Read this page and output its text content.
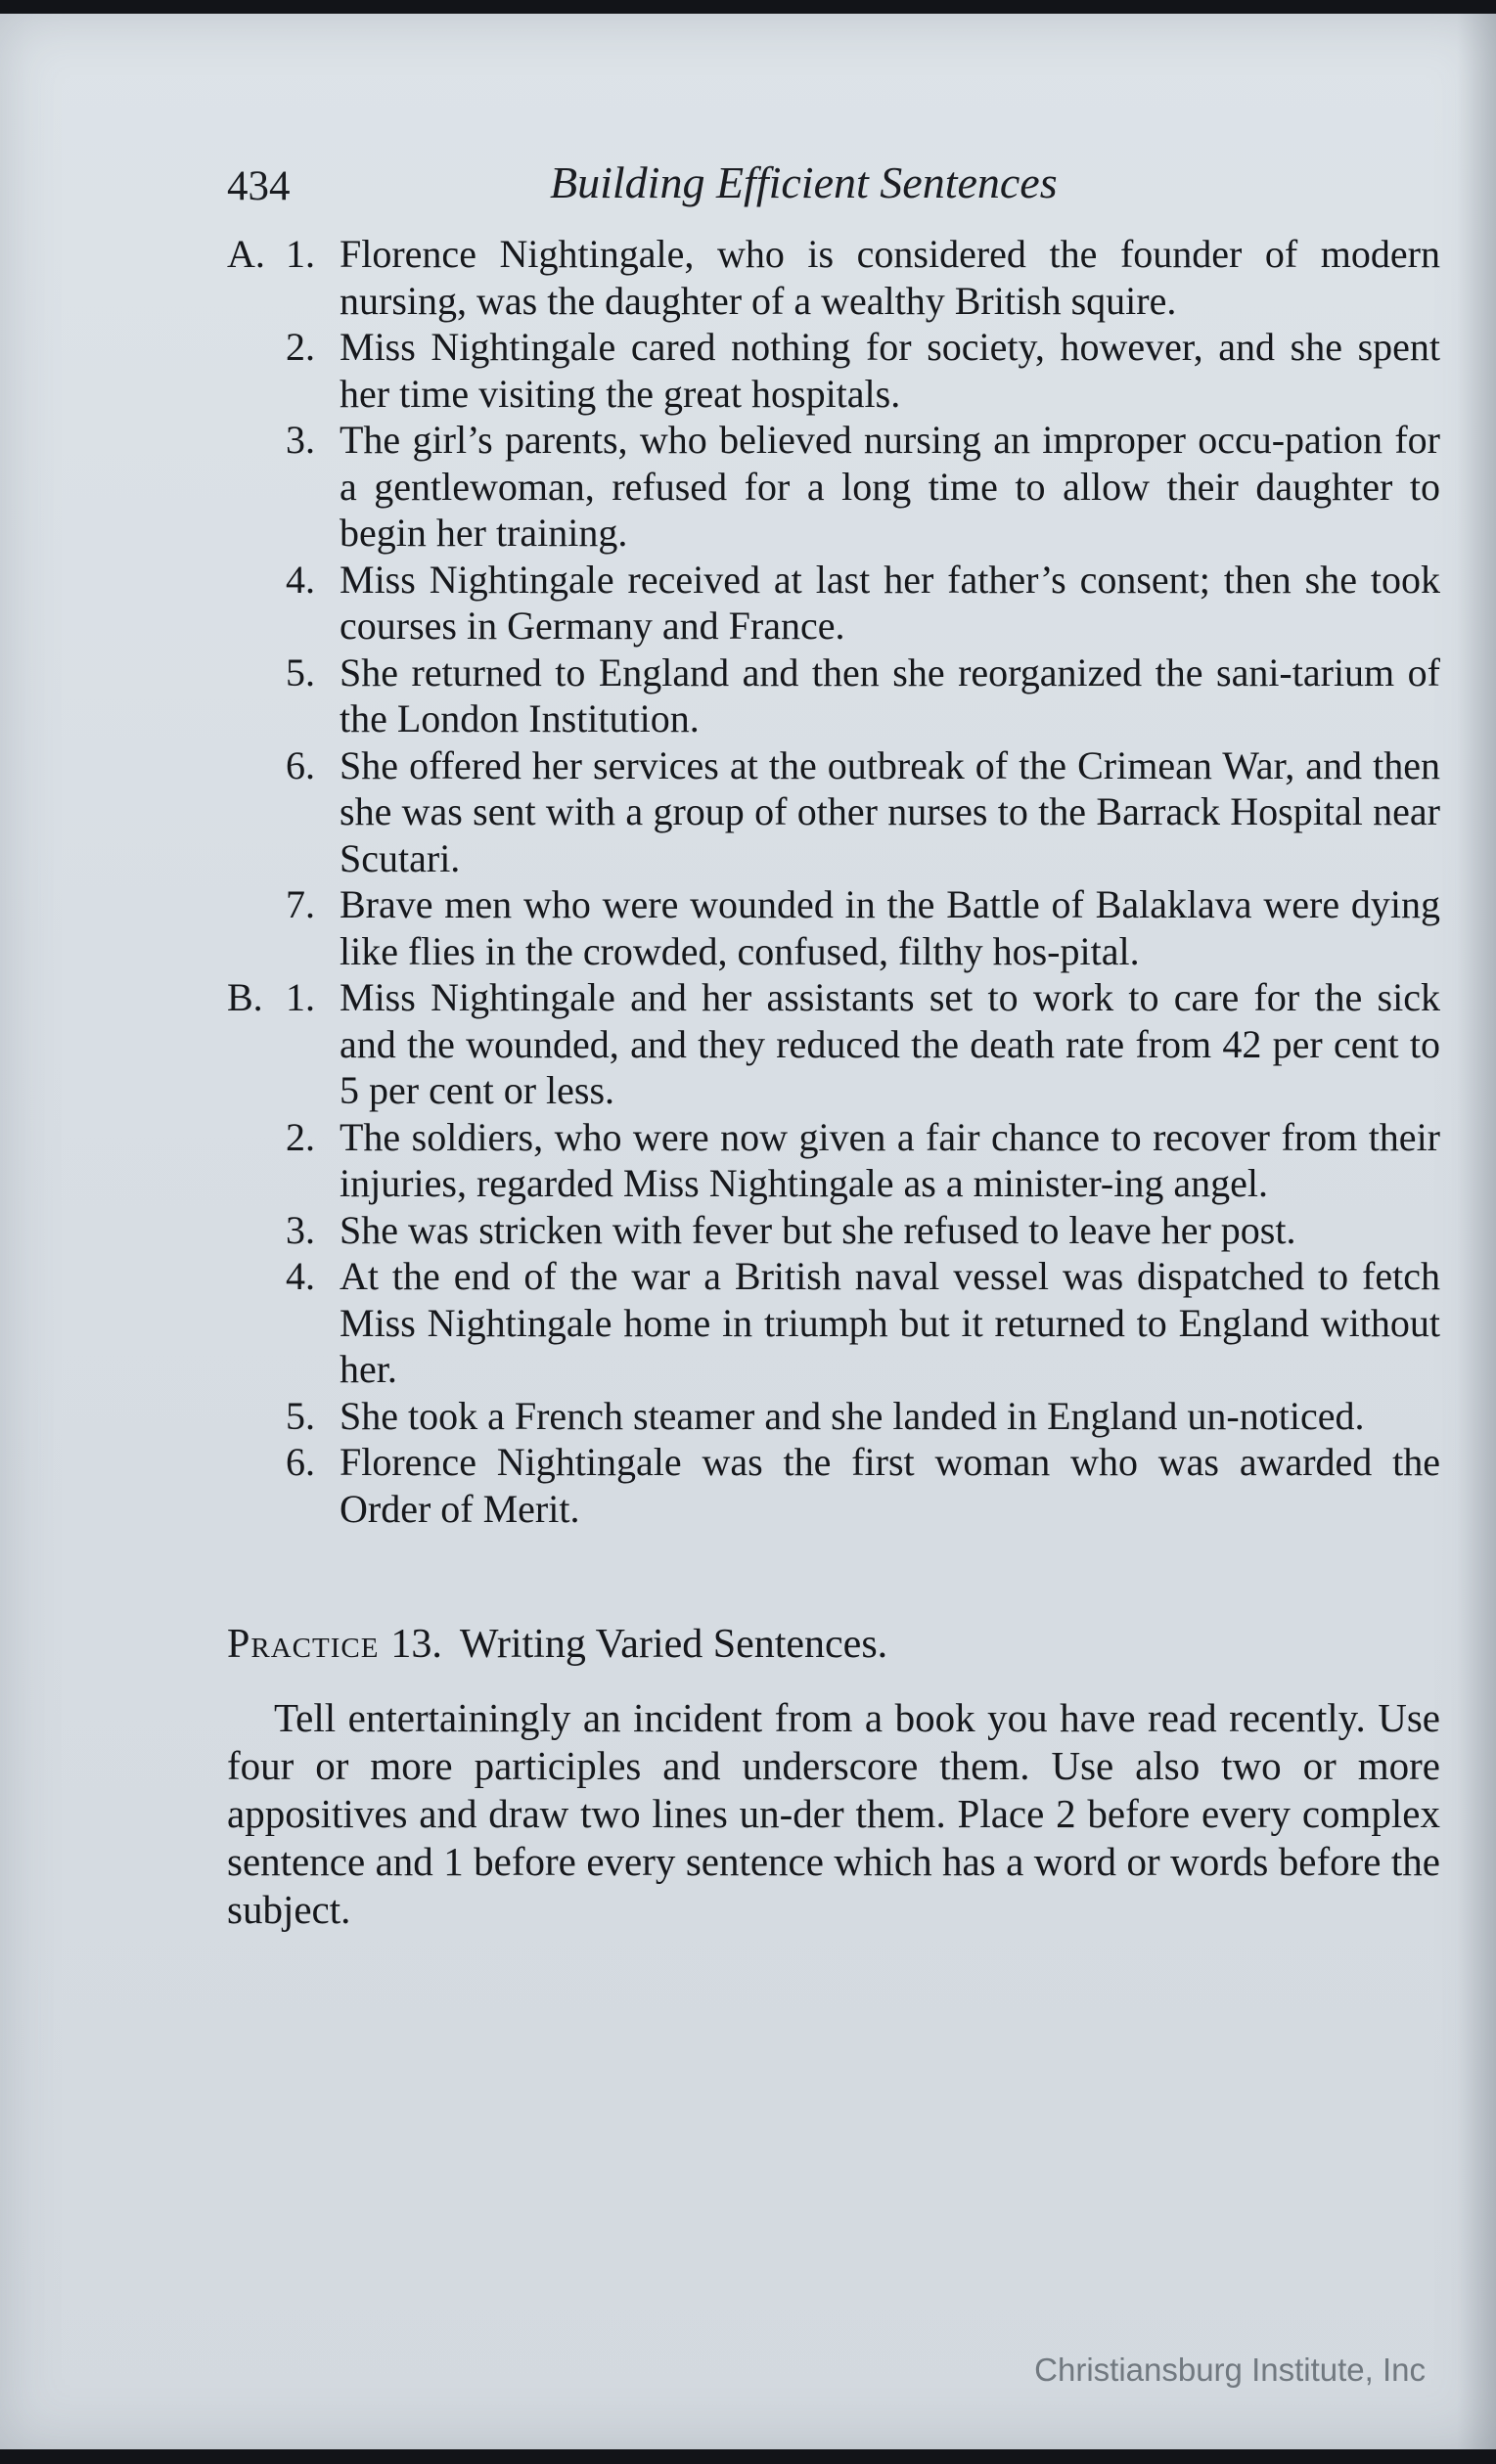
434	Building Efficient Sentences
A. 1. Florence Nightingale, who is considered the founder of modern nursing, was the daughter of a wealthy British squire.
2. Miss Nightingale cared nothing for society, however, and she spent her time visiting the great hospitals.
3. The girl’s parents, who believed nursing an improper occu-pation for a gentlewoman, refused for a long time to allow their daughter to begin her training.
4. Miss Nightingale received at last her father’s consent; then she took courses in Germany and France.
5. She returned to England and then she reorganized the sani-tarium of the London Institution.
6. She offered her services at the outbreak of the Crimean War, and then she was sent with a group of other nurses to the Barrack Hospital near Scutari.
7. Brave men who were wounded in the Battle of Balaklava were dying like flies in the crowded, confused, filthy hos-pital.
B. 1. Miss Nightingale and her assistants set to work to care for the sick and the wounded, and they reduced the death rate from 42 per cent to 5 per cent or less.
2. The soldiers, who were now given a fair chance to recover from their injuries, regarded Miss Nightingale as a minister-ing angel.
3. She was stricken with fever but she refused to leave her post.
4. At the end of the war a British naval vessel was dispatched to fetch Miss Nightingale home in triumph but it returned to England without her.
5. She took a French steamer and she landed in England un-noticed.
6. Florence Nightingale was the first woman who was awarded the Order of Merit.
Practice 13. Writing Varied Sentences.

Tell entertainingly an incident from a book you have read recently. Use four or more participles and underscore them. Use also two or more appositives and draw two lines un-der them. Place 2 before every complex sentence and 1 before every sentence which has a word or words before the subject.

Christiansburg Institute, Inc
